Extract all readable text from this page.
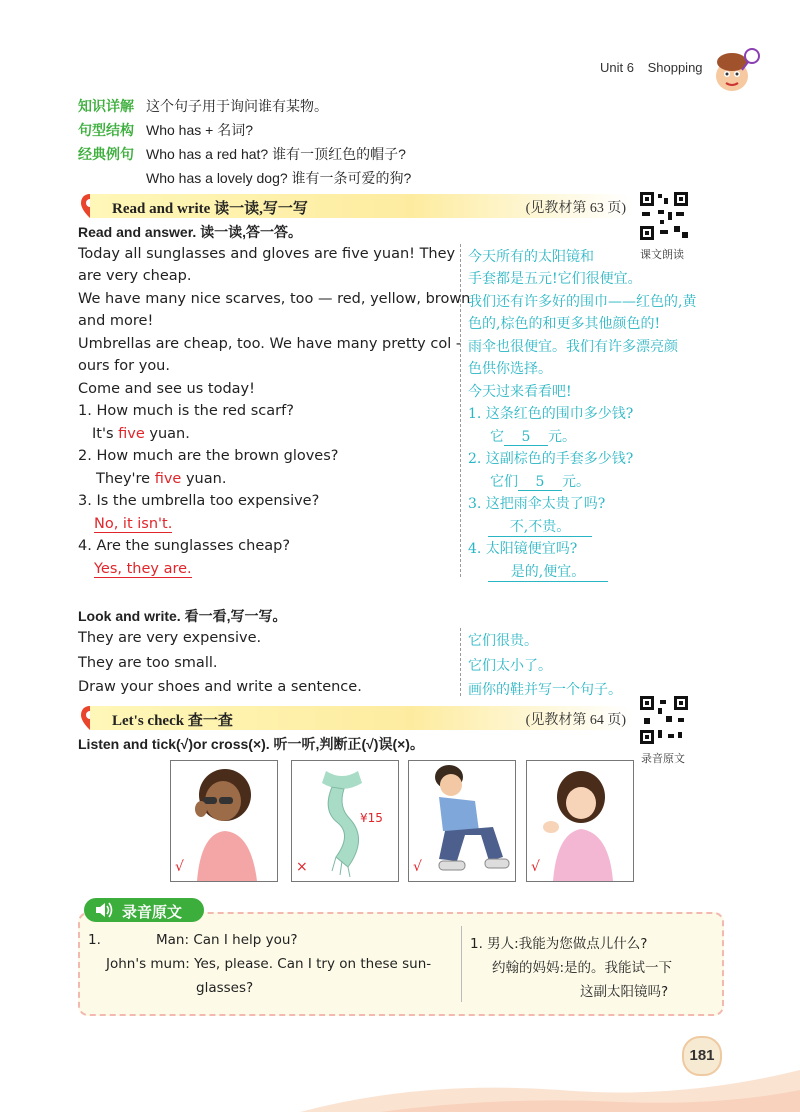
Unit 6 Shopping
知识详解 这个句子用于询问谁有某物。
句型结构 Who has + 名词?
经典例句 Who has a red hat? 谁有一顶红色的帽子?
Who has a lovely dog? 谁有一条可爱的狗?
Read and write 读一读,写一写	(见教材第 63 页)
课文朗读
Read and answer. 读一读,答一答。
Today all sunglasses and gloves are five yuan! They
are very cheap.
We have many nice scarves, too — red, yellow, brown
and more!
Umbrellas are cheap, too. We have many pretty col -
ours for you.
Come and see us today!
今天所有的太阳镜和
手套都是五元!它们很便宜。
我们还有许多好的围巾——红色的,黄
色的,棕色的和更多其他颜色的!
雨伞也很便宜。我们有许多漂亮颜
色供你选择。
今天过来看看吧!
1. How much is the red scarf?
It's five yuan.
2. How much are the brown gloves?
They're five yuan.
3. Is the umbrella too expensive?
No, it isn't.
4. Are the sunglasses cheap?
Yes, they are.
1. 这条红色的围巾多少钱?
它 5 元。
2. 这副棕色的手套多少钱?
它们 5 元。
3. 这把雨伞太贵了吗?
不,不贵。
4. 太阳镜便宜吗?
是的,便宜。
Look and write. 看一看,写一写。
They are very expensive.
They are too small.
Draw your shoes and write a sentence.
它们很贵。
它们太小了。
画你的鞋并写一个句子。
Let's check 查一查	(见教材第 64 页)
录音原文
Listen and tick(√)or cross(×). 听一听,判断正(√)误(×)。
√
¥15
×	√	√
录音原文
1.	Man: Can I help you?
John's mum: Yes, please. Can I try on these sun-
glasses?
1. 男人:我能为您做点儿什么?
约翰的妈妈:是的。我能试一下
这副太阳镜吗?
181
